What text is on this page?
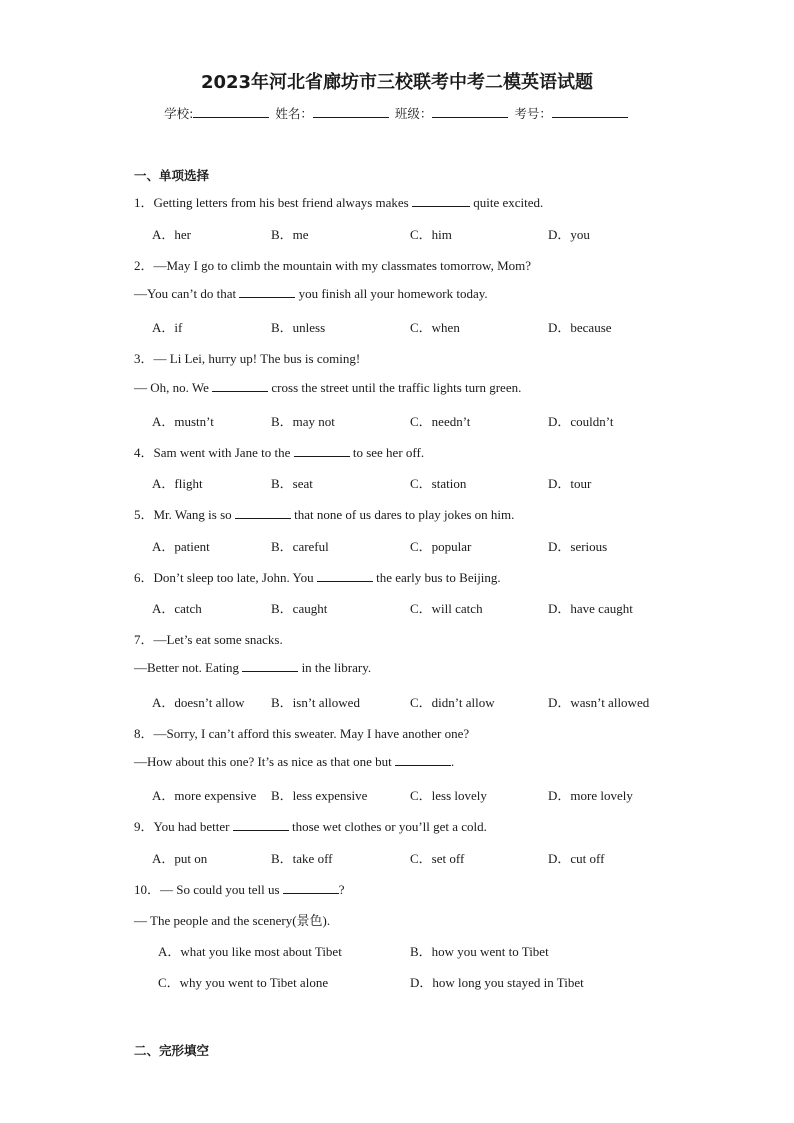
2023年河北省廊坊市三校联考中考二模英语试题
学校:	姓名：	班级：	考号：
一、单项选择
1．Getting letters from his best friend always makes	quite excited.
A．her	B．me	C．him	D．you
2．—May I go to climb the mountain with my classmates tomorrow, Mom?
—You can’t do that	you finish all your homework today.
A．if	B．unless	C．when	D．because
3．— Li Lei, hurry up! The bus is coming!
— Oh, no. We	cross the street until the traffic lights turn green.
A．mustn’t	B．may not	C．needn’t	D．couldn’t
4．Sam went with Jane to the	to see her off.
A．flight	B．seat	C．station	D．tour
5．Mr. Wang is so	that none of us dares to play jokes on him.
A．patient	B．careful	C．popular	D．serious
6．Don’t sleep too late, John. You	the early bus to Beijing.
A．catch	B．caught	C．will catch	D．have caught
7．—Let’s eat some snacks.
—Better not. Eating	in the library.
A．doesn’t allow B．isn’t allowed	C．didn’t allow	D．wasn’t allowed
8．—Sorry, I can’t afford this sweater. May I have another one?
—How about this one? It’s as nice as that one but	.
A．more expensive B．less expensive	C．less lovely	D．more lovely
9．You had better	those wet clothes or you’ll get a cold.
A．put on	B．take off	C．set off	D．cut off
10．— So could you tell us	?
— The people and the scenery(景色).
A．what you like most about Tibet	B．how you went to Tibet
C．why you went to Tibet alone	D．how long you stayed in Tibet
二、完形填空
